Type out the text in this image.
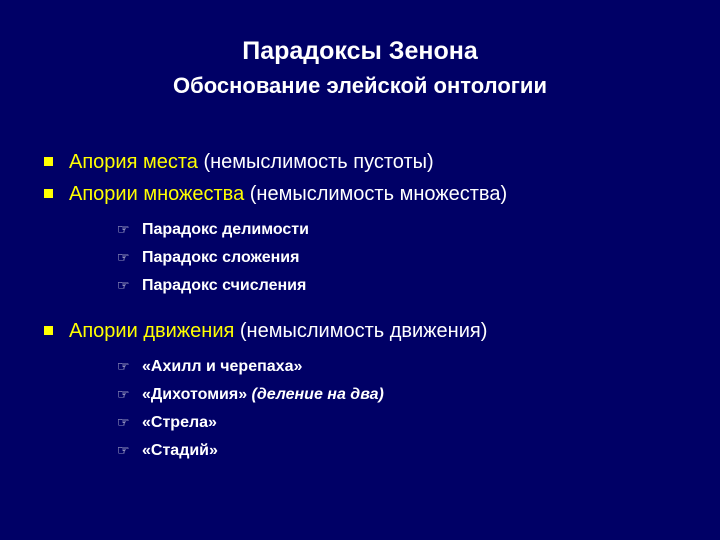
Парадоксы Зенона
Обоснование элейской онтологии
Апория места (немыслимость пустоты)
Апории множества (немыслимость множества)
☞ Парадокс делимости
☞ Парадокс сложения
☞ Парадокс счисления
Апории движения (немыслимость движения)
☞ «Ахилл и черепаха»
☞ «Дихотомия» (деление на два)
☞ «Стрела»
☞ «Стадий»
